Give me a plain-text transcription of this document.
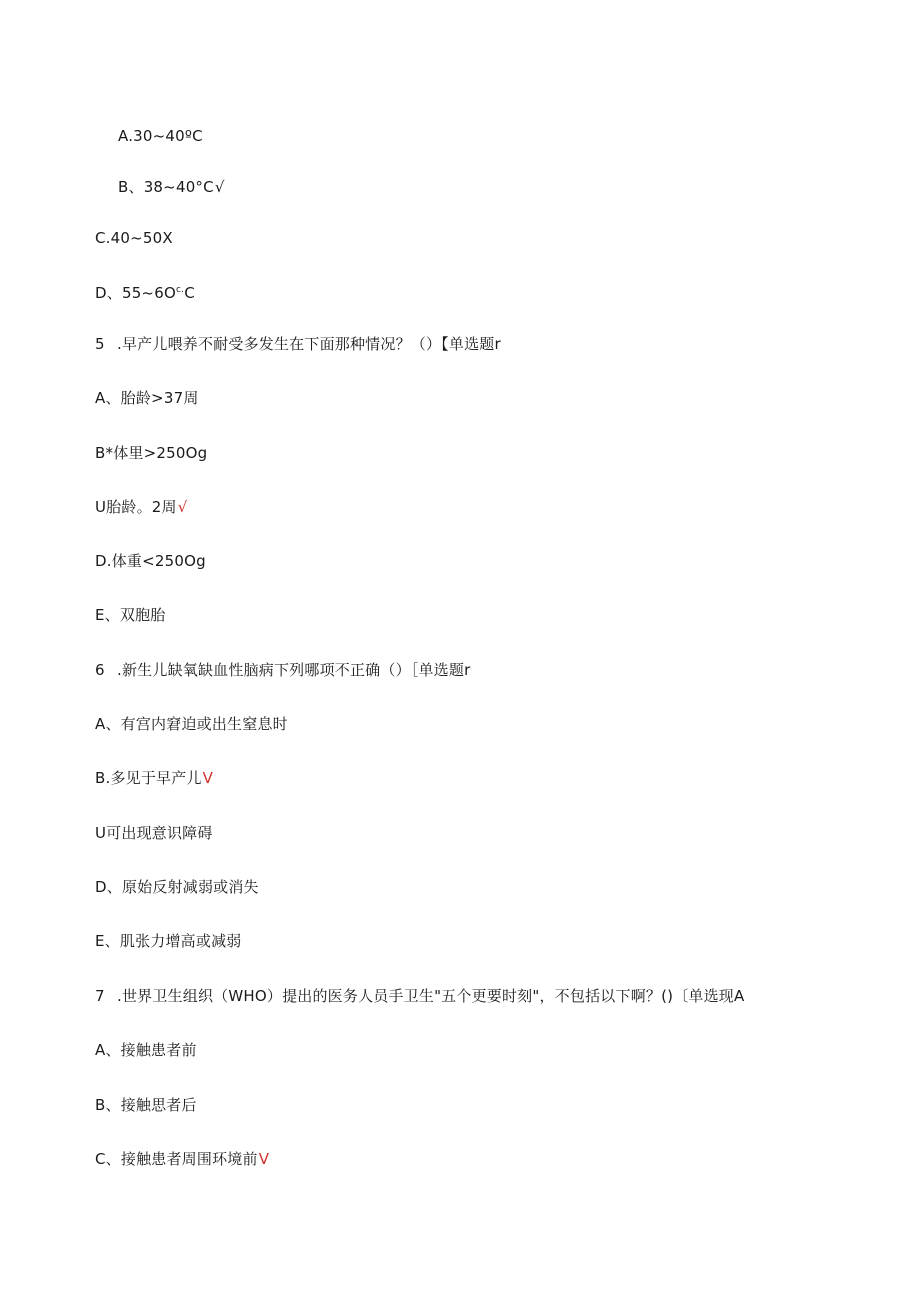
A.30~40ºC
B、38~40°C√
C.40~50X
D、$55\sim 6O^{c.}C$
5 .早产儿喂养不耐受多发生在下面那种情况？（）【单选题r
A、胎龄>37周
B*体里>250Og
U胎龄。2周√
D.体重<250Og
E、双胞胎
6 .新生儿缺氧缺血性脑病下列哪项不正确（）［单选题r
A、有宫内窘迫或出生窒息时
B.多见于早产儿V
U可出现意识障碍
D、原始反射减弱或消失
E、肌张力增高或减弱
7 .世界卫生组织（WHO）提出的医务人员手卫生"五个更要时刻"，不包括以下啊？()〔单选现A
A、接触患者前
B、接触思者后
C、接触患者周围环境前V
